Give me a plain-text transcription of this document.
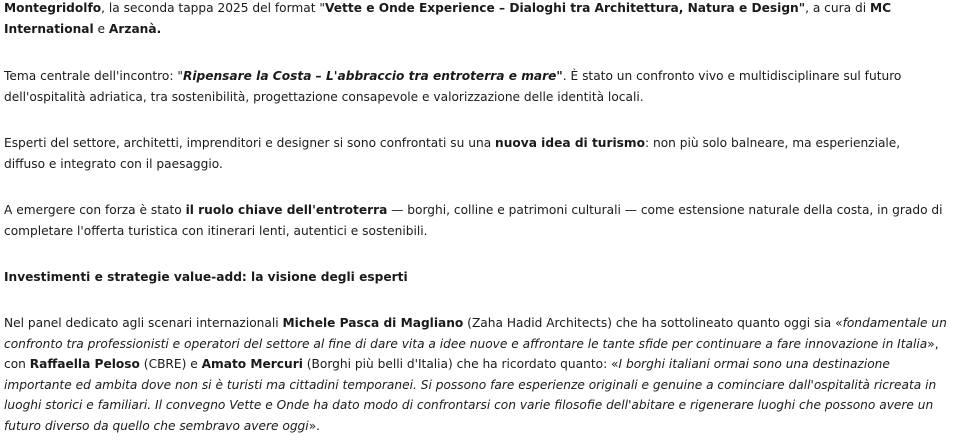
Montegridolfo, la seconda tappa 2025 del format "Vette e Onde Experience – Dialoghi tra Architettura, Natura e Design", a cura di MC International e Arzanà.

Tema centrale dell'incontro: "Ripensare la Costa – L'abbraccio tra entroterra e mare". È stato un confronto vivo e multidisciplinare sul futuro dell'ospitalità adriatica, tra sostenibilità, progettazione consapevole e valorizzazione delle identità locali.

Esperti del settore, architetti, imprenditori e designer si sono confrontati su una nuova idea di turismo: non più solo balneare, ma esperienziale, diffuso e integrato con il paesaggio.

A emergere con forza è stato il ruolo chiave dell'entroterra — borghi, colline e patrimoni culturali — come estensione naturale della costa, in grado di completare l'offerta turistica con itinerari lenti, autentici e sostenibili.

Investimenti e strategie value-add: la visione degli esperti

Nel panel dedicato agli scenari internazionali Michele Pasca di Magliano (Zaha Hadid Architects) che ha sottolineato quanto oggi sia «fondamentale un confronto tra professionisti e operatori del settore al fine di dare vita a idee nuove e affrontare le tante sfide per continuare a fare innovazione in Italia», con Raffaella Peloso (CBRE) e Amato Mercuri (Borghi più belli d'Italia) che ha ricordato quanto: «I borghi italiani ormai sono una destinazione importante ed ambita dove non si è turisti ma cittadini temporanei. Si possono fare esperienze originali e genuine a cominciare dall'ospitalità ricreata in luoghi storici e familiari. Il convegno Vette e Onde ha dato modo di confrontarsi con varie filosofie dell'abitare e rigenerare luoghi che possono avere un futuro diverso da quello che sembravo avere oggi».
